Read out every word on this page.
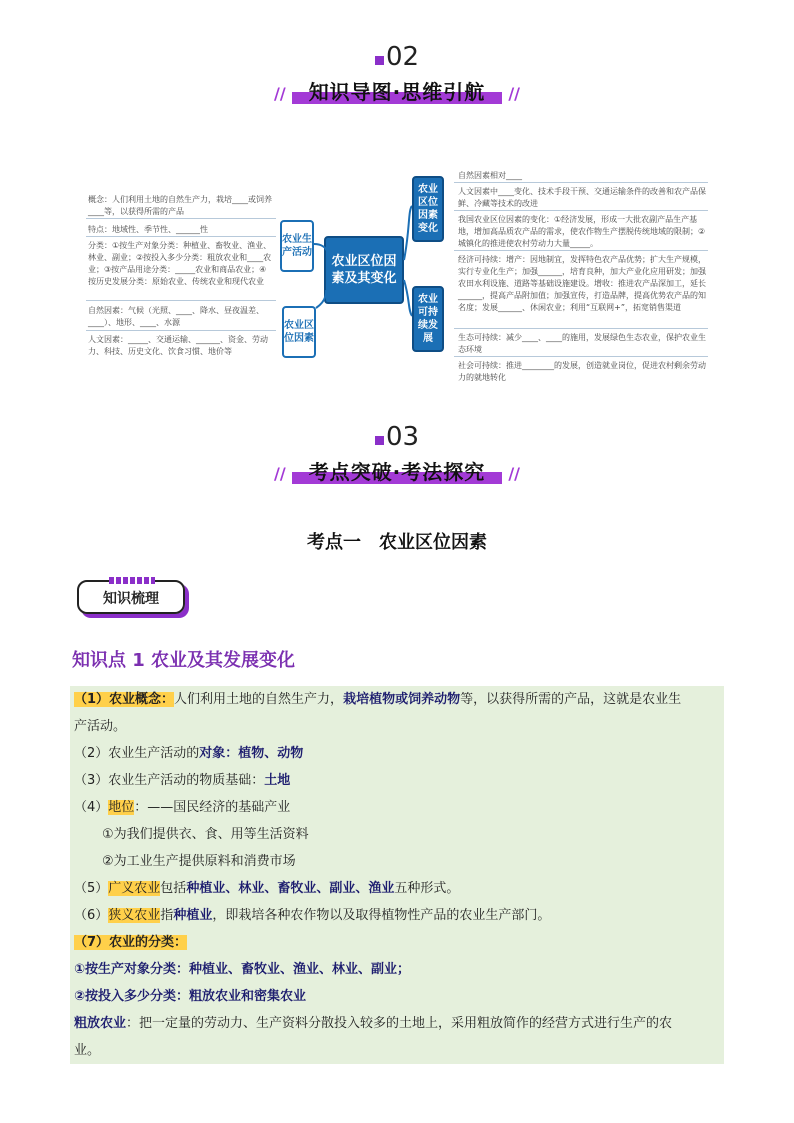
02
//	知识导图·思维引航	//
概念：人们利用土地的自然生产力，栽培____或饲养____等，以获得所需的产品
特点：地域性、季节性、______性
分类：①按生产对象分类：种植业、畜牧业、渔业、林业、副业；②按投入多少分类：粗放农业和____农业；③按产品用途分类：_____农业和商品农业；④按历史发展分类：原始农业、传统农业和现代农业
自然因素：气候（光照、____、降水、昼夜温差、____）、地形、____、水源
人文因素：_____、交通运输、______、资金、劳动力、科技、历史文化、饮食习惯、地价等
农业生产活动
农业区位因素
农业区位因素及其变化
农业区位因素变化
农业可持续发展
自然因素相对____
人文因素中____变化、技术手段干预、交通运输条件的改善和农产品保鲜、冷藏等技术的改进
我国农业区位因素的变化：①经济发展，形成一大批农副产品生产基地，增加高品质农产品的需求，使农作物生产摆脱传统地域的限制；②城镇化的推进使农村劳动力大量_____。
经济可持续：增产：因地制宜，发挥特色农产品优势；扩大生产规模，实行专业化生产；加强______，培育良种，加大产业化应用研发；加强农田水利设施、道路等基础设施建设。增收：推进农产品深加工，延长______，提高产品附加值；加强宣传，打造品牌，提高优势农产品的知名度；发展______、休闲农业；利用“互联网+”，拓宽销售渠道
生态可持续：减少____、____的施用，发展绿色生态农业，保护农业生态环境
社会可持续：推进________的发展，创造就业岗位，促进农村剩余劳动力的就地转化
03
//	考点突破·考法探究	//
考点一　农业区位因素
知识梳理
知识点 1 农业及其发展变化
（1）农业概念：人们利用土地的自然生产力，栽培植物或饲养动物等，以获得所需的产品，这就是农业生
产活动。
（2）农业生产活动的对象：植物、动物
（3）农业生产活动的物质基础：土地
（4）地位：——国民经济的基础产业
①为我们提供衣、食、用等生活资料
②为工业生产提供原料和消费市场
（5）广义农业包括种植业、林业、畜牧业、副业、渔业五种形式。
（6）狭义农业指种植业，即栽培各种农作物以及取得植物性产品的农业生产部门。
（7）农业的分类：
①按生产对象分类：种植业、畜牧业、渔业、林业、副业；
②按投入多少分类：粗放农业和密集农业
粗放农业：把一定量的劳动力、生产资料分散投入较多的土地上，采用粗放简作的经营方式进行生产的农
业。
